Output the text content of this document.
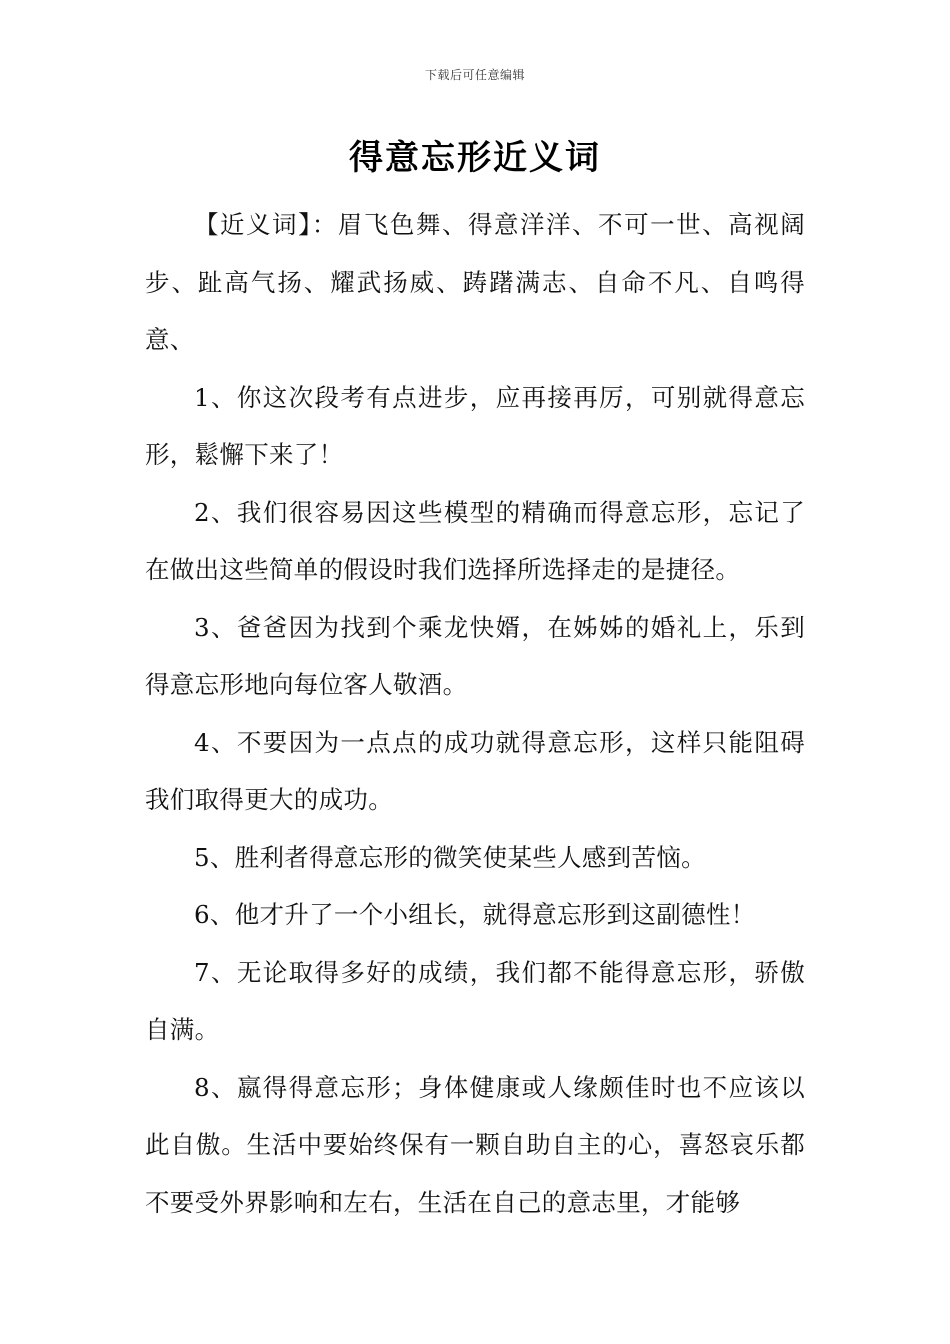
下载后可任意编辑
得意忘形近义词

【近义词】：眉飞色舞、得意洋洋、不可一世、高视阔步、趾高气扬、耀武扬威、踌躇满志、自命不凡、自鸣得意、

1、你这次段考有点进步，应再接再厉，可别就得意忘形，鬆懈下来了！

2、我们很容易因这些模型的精确而得意忘形，忘记了在做出这些简单的假设时我们选择所选择走的是捷径。

3、爸爸因为找到个乘龙快婿，在姊姊的婚礼上，乐到得意忘形地向每位客人敬酒。

4、不要因为一点点的成功就得意忘形，这样只能阻碍我们取得更大的成功。

5、胜利者得意忘形的微笑使某些人感到苦恼。

6、他才升了一个小组长，就得意忘形到这副德性！

7、无论取得多好的成绩，我们都不能得意忘形，骄傲自满。

8、嬴得得意忘形；身体健康或人缘颇佳时也不应该以此自傲。生活中要始终保有一颗自助自主的心，喜怒哀乐都不要受外界影响和左右，生活在自己的意志里，才能够
